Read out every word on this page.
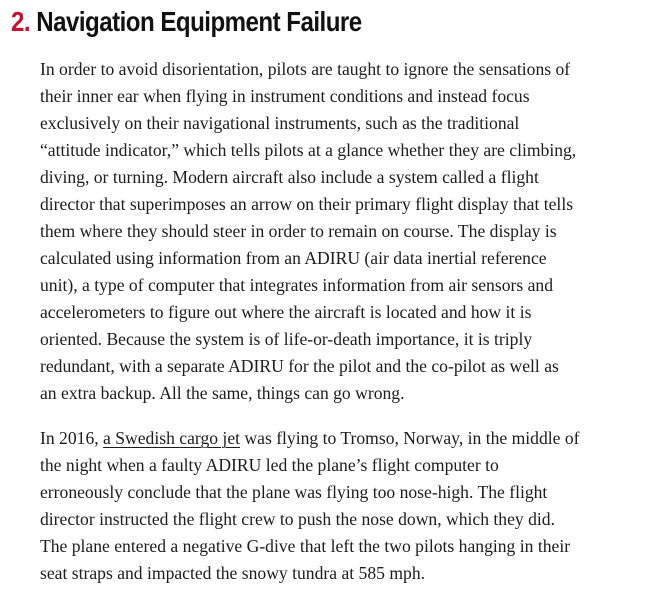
2. Navigation Equipment Failure

In order to avoid disorientation, pilots are taught to ignore the sensations of
their inner ear when flying in instrument conditions and instead focus
exclusively on their navigational instruments, such as the traditional
“attitude indicator,” which tells pilots at a glance whether they are climbing,
diving, or turning. Modern aircraft also include a system called a flight
director that superimposes an arrow on their primary flight display that tells
them where they should steer in order to remain on course. The display is
calculated using information from an ADIRU (air data inertial reference
unit), a type of computer that integrates information from air sensors and
accelerometers to figure out where the aircraft is located and how it is
oriented. Because the system is of life-or-death importance, it is triply
redundant, with a separate ADIRU for the pilot and the co-pilot as well as
an extra backup. All the same, things can go wrong.

In 2016, a Swedish cargo jet was flying to Tromso, Norway, in the middle of
the night when a faulty ADIRU led the plane’s flight computer to
erroneously conclude that the plane was flying too nose-high. The flight
director instructed the flight crew to push the nose down, which they did.
The plane entered a negative G-dive that left the two pilots hanging in their
seat straps and impacted the snowy tundra at 585 mph.
